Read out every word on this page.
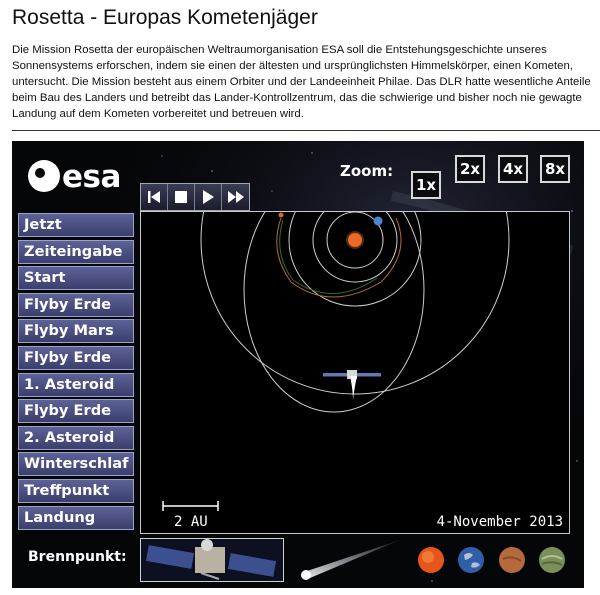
Rosetta - Europas Kometenjäger

Die Mission Rosetta der europäischen Weltraumorganisation ESA soll die Entstehungsgeschichte unseres Sonnensystems erforschen, indem sie einen der ältesten und ursprünglichsten Himmelskörper, einen Kometen, untersucht. Die Mission besteht aus einem Orbiter und der Landeeinheit Philae. Das DLR hatte wesentliche Anteile beim Bau des Landers und betreibt das Lander-Kontrollzentrum, das die schwierige und bisher noch nie gewagte Landung auf dem Kometen vorbereitet und betreuen wird.

esa	Zoom:
1x
2x	4x	8x
Jetzt
Zeiteingabe
Start
Flyby Erde
Flyby Mars
Flyby Erde
1. Asteroid
Flyby Erde
2. Asteroid
Winterschlaf
Treffpunkt
Landung	2 AU	4-November 2013
Brennpunkt:
